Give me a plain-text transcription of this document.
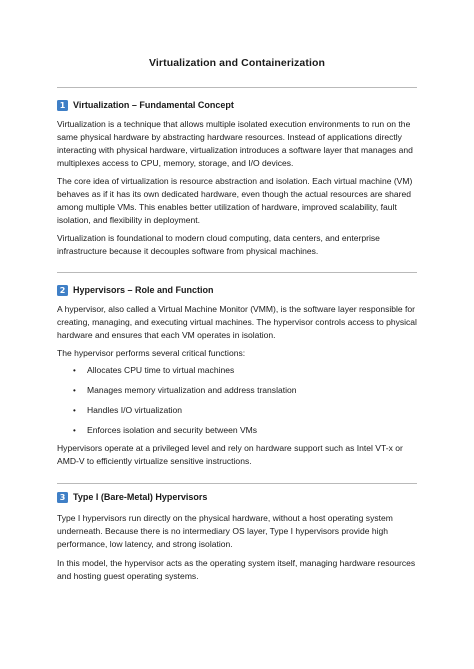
Virtualization and Containerization
1 Virtualization – Fundamental Concept

Virtualization is a technique that allows multiple isolated execution environments to run on the same physical hardware by abstracting hardware resources. Instead of applications directly interacting with physical hardware, virtualization introduces a software layer that manages and multiplexes access to CPU, memory, storage, and I/O devices.

The core idea of virtualization is resource abstraction and isolation. Each virtual machine (VM) behaves as if it has its own dedicated hardware, even though the actual resources are shared among multiple VMs. This enables better utilization of hardware, improved scalability, fault isolation, and flexibility in deployment.

Virtualization is foundational to modern cloud computing, data centers, and enterprise infrastructure because it decouples software from physical machines.

2 Hypervisors – Role and Function

A hypervisor, also called a Virtual Machine Monitor (VMM), is the software layer responsible for creating, managing, and executing virtual machines. The hypervisor controls access to physical hardware and ensures that each VM operates in isolation.

The hypervisor performs several critical functions:

• Allocates CPU time to virtual machines
• Manages memory virtualization and address translation
• Handles I/O virtualization
• Enforces isolation and security between VMs

Hypervisors operate at a privileged level and rely on hardware support such as Intel VT-x or AMD-V to efficiently virtualize sensitive instructions.

3 Type I (Bare-Metal) Hypervisors

Type I hypervisors run directly on the physical hardware, without a host operating system underneath. Because there is no intermediary OS layer, Type I hypervisors provide high performance, low latency, and strong isolation.

In this model, the hypervisor acts as the operating system itself, managing hardware resources and hosting guest operating systems.
